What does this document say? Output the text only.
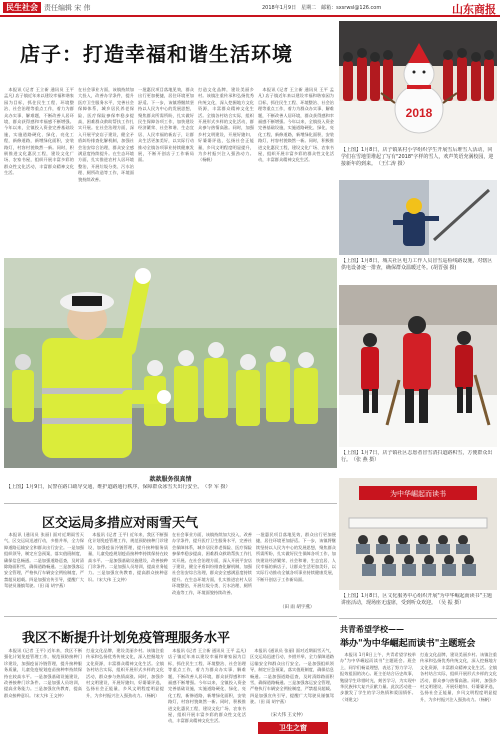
民生社会 责任编辑 宋 伟	2018年1月9日　星期二　邮箱：sxsrwsl@126.com	山东商报
店子：打造幸福和谐生活环境
　本报讯 (记者 王立新 通讯员 王平 孟凡) 店子镇近年来以建设幸福和谐家园为目标，抓住民生工程、环境整治、社会治理等重点工作，着力为群众办实事、解难题，不断改善人居环境，群众获得感和幸福感不断增强。今年以来，全镇投入资金完善基础设施，实施道路硬化、绿化、亮化工程，新修道路，新增绿化面积，安装路灯，村容村貌焕然一新。同时，积极推进文化惠民工程，建设文化广场、农家书屋，组织开展丰富多彩的群众性文化活动，丰富群众精神文化生活。
在社会事业方面，该镇持续加大投入，改善办学条件，提升医疗卫生服务水平，完善社会保障体系，城乡居民养老保险、医疗保险参保率稳步提高，困难群众救助帮扶工作扎实开展。在社会治理方面，深入开展平安店子建设，健全矛盾纠纷排查化解机制，加强社会治安综合治理，群众安全感满意度持续提升。在生态环境方面，扎实推进农村人居环境整治，开展垃圾分类、污水治理、厕所改造等工作，环境面貌持续改善。
一批惠民项目落地见效，群众出行更加便捷，居住环境更加舒适。下一步，该镇将继续坚持以人民为中心的发展思想，聚焦群众所需所盼，扎实做好民生保障各项工作，加快建设经济繁荣、社会和谐、生态宜居、人民幸福的新店子，让群众生活更加美好，以实际行动推动全镇各项事业持续健康发展，不断开创店子工作新局面。
打造文化品牌，建设美丽乡村。该镇注重传承和弘扬优秀传统文化，深入挖掘地方文化资源，丰富群众精神文化生活。全镇各村结合实际，组织开展形式多样的文化活动，群众参与热情高涨。同时，加强乡村文明建设，开展好媳妇、好婆婆评选，弘扬社会正能量，乡风文明程度明显提升，为乡村振兴注入强劲动力。（杨帆）
　本报讯 (记者 王立新 通讯员 王平 孟凡) 店子镇近年来以建设幸福和谐家园为目标，抓住民生工程、环境整治、社会治理等重点工作，着力为群众办实事、解难题，不断改善人居环境，群众获得感和幸福感不断增强。今年以来，全镇投入资金完善基础设施，实施道路硬化、绿化、亮化工程，新修道路，新增绿化面积，安装路灯，村容村貌焕然一新。同时，积极推进文化惠民工程，建设文化广场、农家书屋，组织开展丰富多彩的群众性文化活动，丰富群众精神文化生活。
2018
【上图】1月8日，店子镇某村小学组织学生开展雪后堆雪人活动，同学们在雪地里堆起了写有"2018"字样的雪人，欢声笑语充满校园，迎接新年的到来。　（王仁涛 摄）
【上图】1月8日，城关社区电力工作人员冒雪巡检线路设施，对辖区供电设备逐一排查，确保群众温暖过冬。(胡晋强 摄)
【上图】1月7日，店子镇社区志愿者冒雪清扫道路积雪，方便群众出行。　（张 燕 摄）
款款服务很真情
【上图】1月9日，民警在路口疏导交通，维护道路通行秩序，保障群众冰雪天出行安全。　（李 军 摄）
区交运局多措应对雨雪天气
　本报讯 (通讯员 张丽) 面对近期雨雪天气，区交运局迅速行动，多措并举，全力保障道路运输安全和群众出行安全。一是加强组织领导，制定应急预案，落实值班制度，确保信息畅通。二是加强道路巡查，及时清除路面积雪，确保道路畅通。三是加强客运安全管理，严格执行车辆安全例检制度，严禁超员超载。四是加强宣传引导，提醒广大驾驶员谨慎驾驶。（田 雨 胡宇燕）
　本报讯 (记者 王平) 近年来，我区不断强化计划免疫管理工作，规范预防接种门诊建设，加强疫苗冷链管理，提升接种服务质量，儿童免疫规划疫苗接种率持续保持在较高水平。一是加强基础设施建设，改善接种门诊条件。二是加强人员培训，提高业务能力。三是加强宣传教育，提高群众接种意识。（宋大伟 王文仲）
在社会事业方面，该镇持续加大投入，改善办学条件，提升医疗卫生服务水平，完善社会保障体系，城乡居民养老保险、医疗保险参保率稳步提高，困难群众救助帮扶工作扎实开展。在社会治理方面，深入开展平安店子建设，健全矛盾纠纷排查化解机制，加强社会治安综合治理，群众安全感满意度持续提升。在生态环境方面，扎实推进农村人居环境整治，开展垃圾分类、污水治理、厕所改造等工作，环境面貌持续改善。
一批惠民项目落地见效，群众出行更加便捷，居住环境更加舒适。下一步，该镇将继续坚持以人民为中心的发展思想，聚焦群众所需所盼，扎实做好民生保障各项工作，加快建设经济繁荣、社会和谐、生态宜居、人民幸福的新店子，让群众生活更加美好，以实际行动推动全镇各项事业持续健康发展，不断开创店子工作新局面。
（田 雨 胡宇燕）
我区不断提升计划免疫管理服务水平
　本报讯 (记者 王平) 近年来，我区不断强化计划免疫管理工作，规范预防接种门诊建设，加强疫苗冷链管理，提升接种服务质量，儿童免疫规划疫苗接种率持续保持在较高水平。一是加强基础设施建设，改善接种门诊条件。二是加强人员培训，提高业务能力。三是加强宣传教育，提高群众接种意识。（宋大伟 王文仲）
打造文化品牌，建设美丽乡村。该镇注重传承和弘扬优秀传统文化，深入挖掘地方文化资源，丰富群众精神文化生活。全镇各村结合实际，组织开展形式多样的文化活动，群众参与热情高涨。同时，加强乡村文明建设，开展好媳妇、好婆婆评选，弘扬社会正能量，乡风文明程度明显提升，为乡村振兴注入强劲动力。（杨帆）
　本报讯 (记者 王立新 通讯员 王平 孟凡) 店子镇近年来以建设幸福和谐家园为目标，抓住民生工程、环境整治、社会治理等重点工作，着力为群众办实事、解难题，不断改善人居环境，群众获得感和幸福感不断增强。今年以来，全镇投入资金完善基础设施，实施道路硬化、绿化、亮化工程，新修道路，新增绿化面积，安装路灯，村容村貌焕然一新。同时，积极推进文化惠民工程，建设文化广场、农家书屋，组织开展丰富多彩的群众性文化活动，丰富群众精神文化生活。
　本报讯 (通讯员 张丽) 面对近期雨雪天气，区交运局迅速行动，多措并举，全力保障道路运输安全和群众出行安全。一是加强组织领导，制定应急预案，落实值班制度，确保信息畅通。二是加强道路巡查，及时清除路面积雪，确保道路畅通。三是加强客运安全管理，严格执行车辆安全例检制度，严禁超员超载。四是加强宣传引导，提醒广大驾驶员谨慎驾驶。（田 雨 胡宇燕）
（宋大伟 王文仲）
卫生之窗
为中华崛起而读书
【上图】1月8日，区文化服务中心组织开展"为中华崛起而读书"主题讲座活动，现场座无虚席，受到听众欢迎。　（吴 振 摄）
共青希望学校——
举办"为中华崛起而读书"主题班会
　本报讯 1月8日上午，共青希望学校举办"为中华崛起而读书"主题班会。班会上，同学们畅谈理想，表达了努力学习、报效祖国的决心。班主任结合历史故事，勉励学生珍惜时光，刻苦学习，为实现中华民族伟大复兴贡献力量。此次活动进一步激发了学生的学习热情和爱国情怀。（刘建文）
打造文化品牌，建设美丽乡村。该镇注重传承和弘扬优秀传统文化，深入挖掘地方文化资源，丰富群众精神文化生活。全镇各村结合实际，组织开展形式多样的文化活动，群众参与热情高涨。同时，加强乡村文明建设，开展好媳妇、好婆婆评选，弘扬社会正能量，乡风文明程度明显提升，为乡村振兴注入强劲动力。（杨帆）
